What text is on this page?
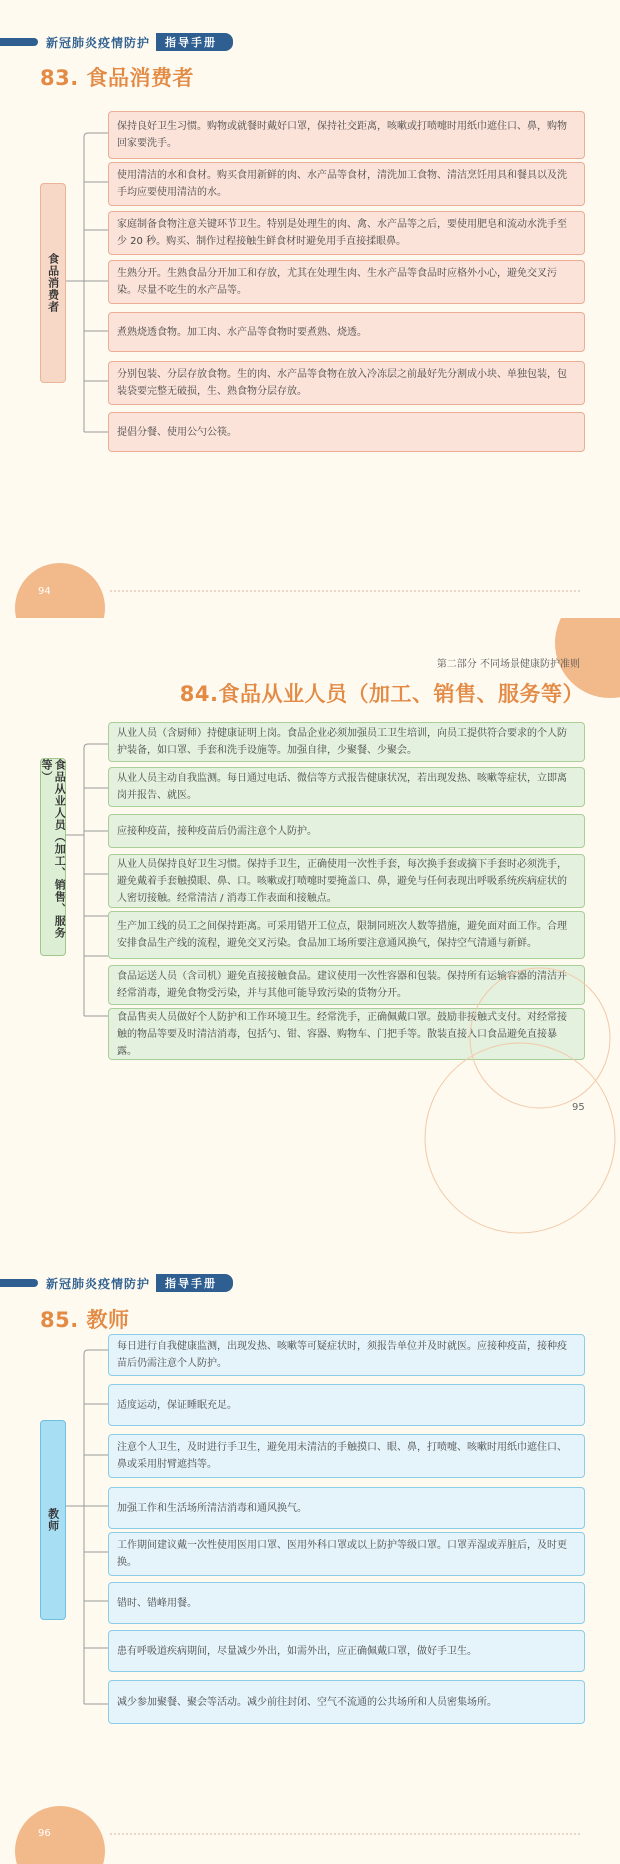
新冠肺炎疫情防护	指导手册
83. 食品消费者
食品消费者
保持良好卫生习惯。购物或就餐时戴好口罩，保持社交距离，咳嗽或打喷嚏时用纸巾遮住口、鼻，购物回家要洗手。
使用清洁的水和食材。购买食用新鲜的肉、水产品等食材，清洗加工食物、清洁烹饪用具和餐具以及洗手均应要使用清洁的水。
家庭制备食物注意关键环节卫生。特别是处理生的肉、禽、水产品等之后，要使用肥皂和流动水洗手至少 20 秒。购买、制作过程接触生鲜食材时避免用手直接揉眼鼻。
生熟分开。生熟食品分开加工和存放，尤其在处理生肉、生水产品等食品时应格外小心，避免交叉污染。尽量不吃生的水产品等。
煮熟烧透食物。加工肉、水产品等食物时要煮熟、烧透。
分别包装、分层存放食物。生的肉、水产品等食物在放入冷冻层之前最好先分割成小块、单独包装，包装袋要完整无破损，生、熟食物分层存放。
提倡分餐、使用公勺公筷。
94
第二部分 不同场景健康防护准则
84.食品从业人员（加工、销售、服务等）
食品从业人员（加工、销售、服务等）
从业人员（含厨师）持健康证明上岗。食品企业必须加强员工卫生培训，向员工提供符合要求的个人防护装备，如口罩、手套和洗手设施等。加强自律，少聚餐、少聚会。
从业人员主动自我监测。每日通过电话、微信等方式报告健康状况，若出现发热、咳嗽等症状，立即离岗并报告、就医。
应接种疫苗，接种疫苗后仍需注意个人防护。
从业人员保持良好卫生习惯。保持手卫生，正确使用一次性手套，每次换手套或摘下手套时必须洗手，避免戴着手套触摸眼、鼻、口。咳嗽或打喷嚏时要掩盖口、鼻，避免与任何表现出呼吸系统疾病症状的人密切接触。经常清洁 / 消毒工作表面和接触点。
生产加工线的员工之间保持距离。可采用错开工位点，限制同班次人数等措施，避免面对面工作。合理安排食品生产线的流程，避免交叉污染。食品加工场所要注意通风换气，保持空气清通与新鲜。
食品运送人员（含司机）避免直接接触食品。建议使用一次性容器和包装。保持所有运输容器的清洁并经常消毒，避免食物受污染，并与其他可能导致污染的货物分开。
食品售卖人员做好个人防护和工作环境卫生。经常洗手，正确佩戴口罩。鼓励非接触式支付。对经常接触的物品等要及时清洁消毒，包括勺、钳、容器、购物车、门把手等。散装直接入口食品避免直接暴露。
95
新冠肺炎疫情防护	指导手册
85. 教师
教师
每日进行自我健康监测，出现发热、咳嗽等可疑症状时，须报告单位并及时就医。应接种疫苗，接种疫苗后仍需注意个人防护。
适度运动，保证睡眠充足。
注意个人卫生，及时进行手卫生，避免用未清洁的手触摸口、眼、鼻，打喷嚏、咳嗽时用纸巾遮住口、鼻或采用肘臂遮挡等。
加强工作和生活场所清洁消毒和通风换气。
工作期间建议戴一次性使用医用口罩、医用外科口罩或以上防护等级口罩。口罩弄湿或弄脏后，及时更换。
错时、错峰用餐。
患有呼吸道疾病期间，尽量减少外出，如需外出，应正确佩戴口罩，做好手卫生。
减少参加聚餐、聚会等活动。减少前往封闭、空气不流通的公共场所和人员密集场所。
96
